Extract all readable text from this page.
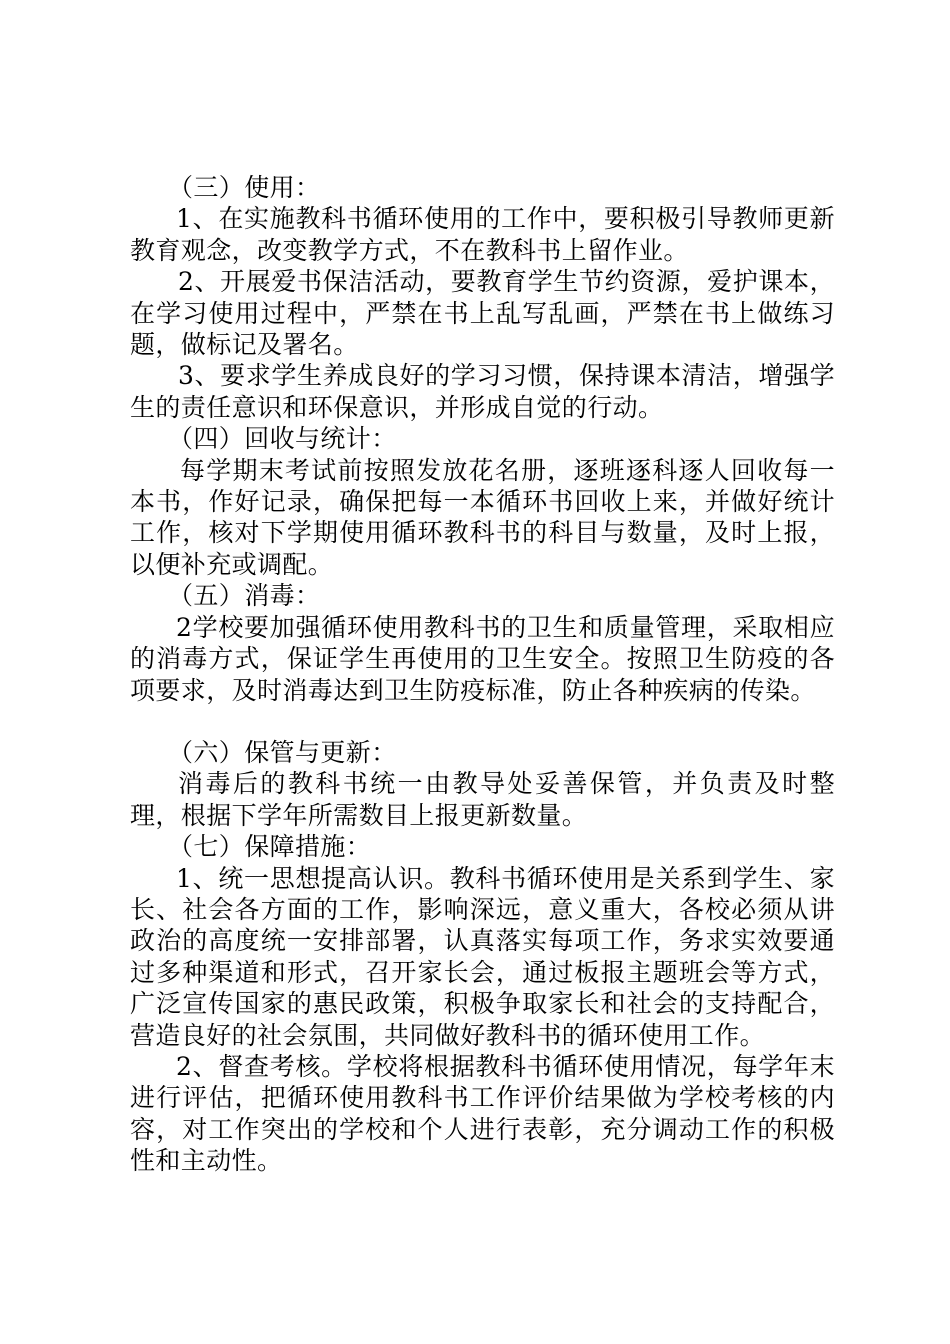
（三）使用：

1、在实施教科书循环使用的工作中，要积极引导教师更新教育观念，改变教学方式，不在教科书上留作业。

2、开展爱书保洁活动，要教育学生节约资源，爱护课本，在学习使用过程中，严禁在书上乱写乱画，严禁在书上做练习题，做标记及署名。

3、要求学生养成良好的学习习惯，保持课本清洁，增强学生的责任意识和环保意识，并形成自觉的行动。

（四）回收与统计：

每学期末考试前按照发放花名册，逐班逐科逐人回收每一本书，作好记录，确保把每一本循环书回收上来，并做好统计工作，核对下学期使用循环教科书的科目与数量，及时上报，以便补充或调配。

（五）消毒：

2学校要加强循环使用教科书的卫生和质量管理，采取相应的消毒方式，保证学生再使用的卫生安全。按照卫生防疫的各项要求，及时消毒达到卫生防疫标准，防止各种疾病的传染。

（六）保管与更新：

消毒后的教科书统一由教导处妥善保管，并负责及时整理，根据下学年所需数目上报更新数量。

（七）保障措施：

1、统一思想提高认识。教科书循环使用是关系到学生、家长、社会各方面的工作，影响深远，意义重大，各校必须从讲政治的高度统一安排部署，认真落实每项工作，务求实效要通过多种渠道和形式，召开家长会，通过板报主题班会等方式，广泛宣传国家的惠民政策，积极争取家长和社会的支持配合，营造良好的社会氛围，共同做好教科书的循环使用工作。

2、督查考核。学校将根据教科书循环使用情况，每学年末进行评估，把循环使用教科书工作评价结果做为学校考核的内容，对工作突出的学校和个人进行表彰，充分调动工作的积极性和主动性。
